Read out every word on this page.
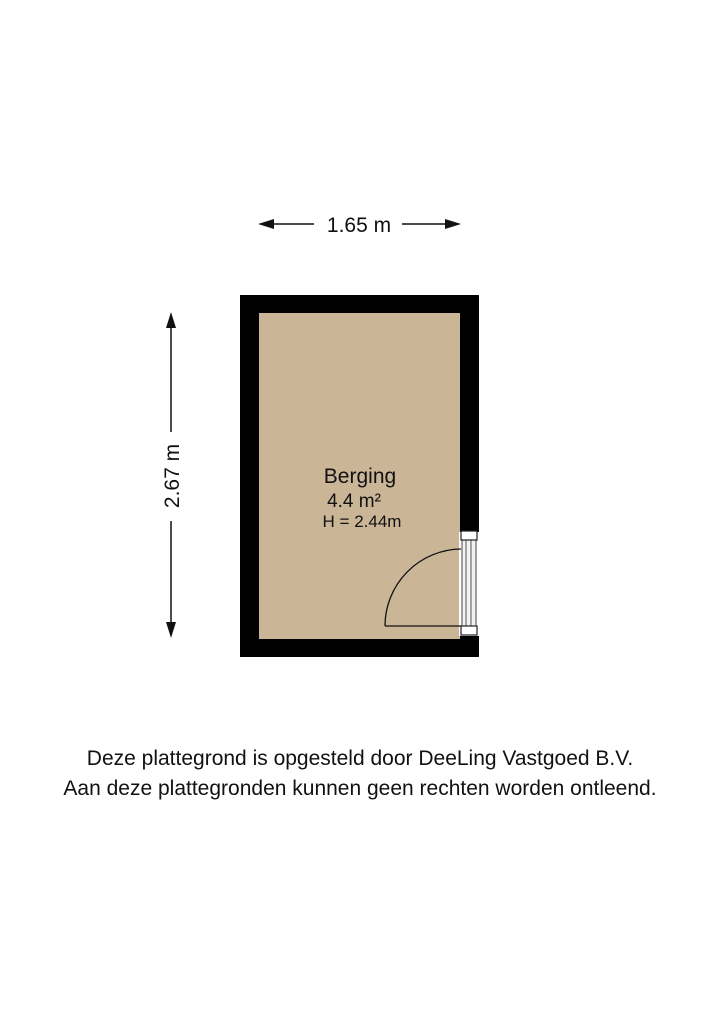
1.65 m
2.67 m	Berging
4.4 m²
H = 2.44m
Deze plattegrond is opgesteld door DeeLing Vastgoed B.V.
Aan deze plattegronden kunnen geen rechten worden ontleend.
